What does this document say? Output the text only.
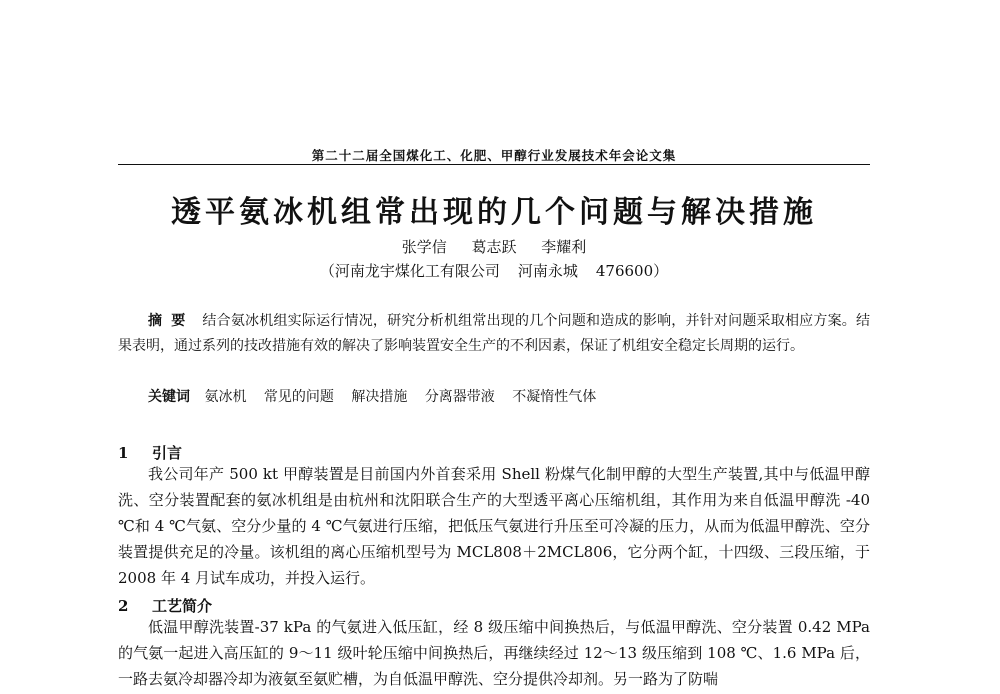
第二十二届全国煤化工、化肥、甲醇行业发展技术年会论文集
透平氨冰机组常出现的几个问题与解决措施
张学信 葛志跃 李耀利
（河南龙宇煤化工有限公司 河南永城 476600）
摘要 结合氨冰机组实际运行情况，研究分析机组常出现的几个问题和造成的影响，并针对问题采取相应方案。结果表明，通过系列的技改措施有效的解决了影响装置安全生产的不利因素，保证了机组安全稳定长周期的运行。
关键词 氨冰机 常见的问题 解决措施 分离器带液 不凝惰性气体
1 引言
我公司年产 500 kt 甲醇装置是目前国内外首套采用 Shell 粉煤气化制甲醇的大型生产装置,其中与低温甲醇洗、空分装置配套的氨冰机组是由杭州和沈阳联合生产的大型透平离心压缩机组，其作用为来自低温甲醇洗 -40 ℃和 4 ℃气氨、空分少量的 4 ℃气氨进行压缩，把低压气氨进行升压至可冷凝的压力，从而为低温甲醇洗、空分装置提供充足的冷量。该机组的离心压缩机型号为 MCL808＋2MCL806，它分两个缸，十四级、三段压缩，于 2008 年 4 月试车成功，并投入运行。
2 工艺简介
低温甲醇洗装置-37 kPa 的气氨进入低压缸，经 8 级压缩中间换热后，与低温甲醇洗、空分装置 0.42 MPa 的气氨一起进入高压缸的 9～11 级叶轮压缩中间换热后，再继续经过 12～13 级压缩到 108 ℃、1.6 MPa 后，一路去氨冷却器冷却为液氨至氨贮槽，为自低温甲醇洗、空分提供冷却剂。另一路为了防喘
